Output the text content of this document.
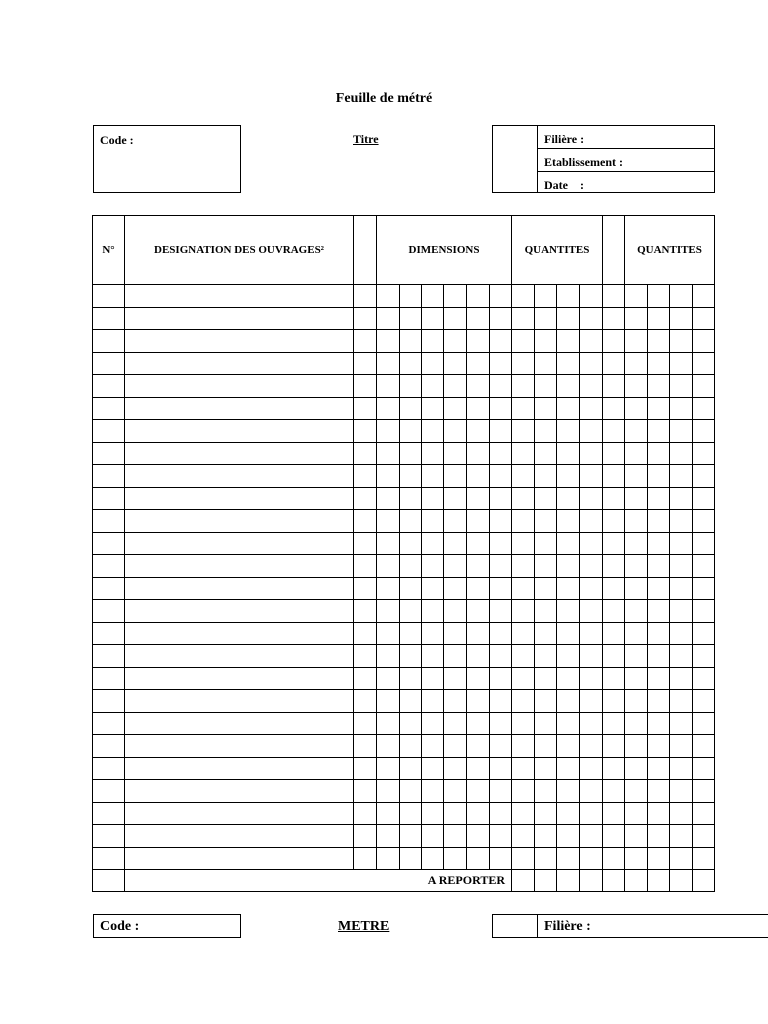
Feuille de métré
Code :	Titre	Filière :
Etablissement :
Date    :
N°	DESIGNATION DES OUVRAGES²		DIMENSIONS						QUANTITES					QUANTITES			

	A REPORTER																
Code :	METRE	Filière :
